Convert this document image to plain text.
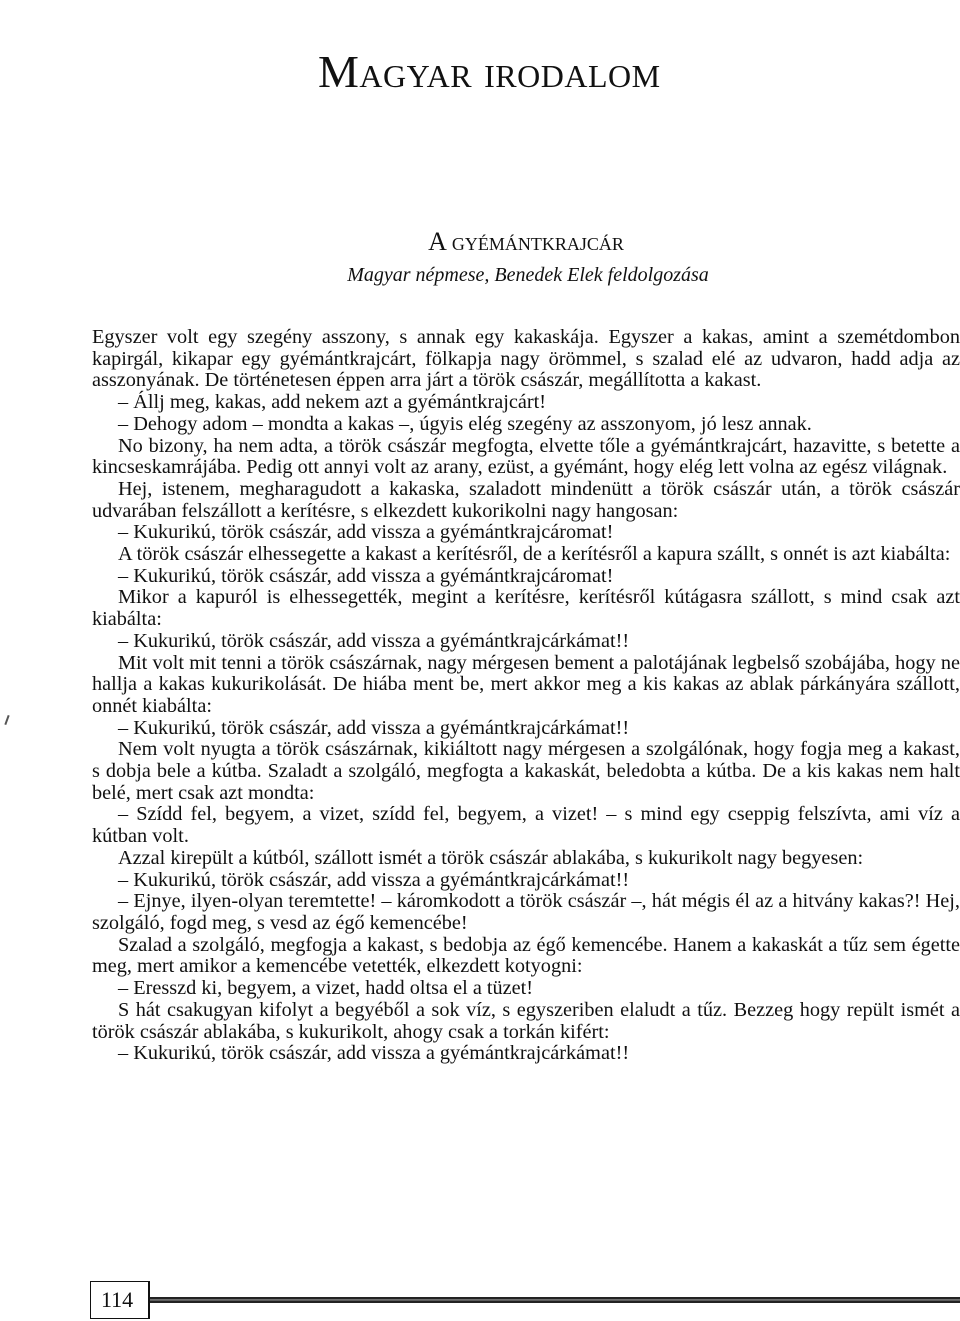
Magyar irodalom
A gyémántkrajcár
Magyar népmese, Benedek Elek feldolgozása

Egyszer volt egy szegény asszony, s annak egy kakaskája. Egyszer a kakas, amint a szemétdombon kapirgál, kikapar egy gyémántkrajcárt, fölkapja nagy örömmel, s szalad elé az udvaron, hadd adja az asszonyának. De történetesen éppen arra járt a török császár, megállította a kakast.

– Állj meg, kakas, add nekem azt a gyémántkrajcárt!

– Dehogy adom – mondta a kakas –, úgyis elég szegény az asszonyom, jó lesz annak.

No bizony, ha nem adta, a török császár megfogta, elvette tőle a gyémántkrajcárt, hazavitte, s betette a kincseskamrájába. Pedig ott annyi volt az arany, ezüst, a gyémánt, hogy elég lett volna az egész világnak.

Hej, istenem, megharagudott a kakaska, szaladott mindenütt a török császár után, a török császár udvarában felszállott a kerítésre, s elkezdett kukorikolni nagy hangosan:

– Kukurikú, török császár, add vissza a gyémántkrajcáromat!

A török császár elhessegette a kakast a kerítésről, de a kerítésről a kapura szállt, s onnét is azt kiabálta:

– Kukurikú, török császár, add vissza a gyémántkrajcáromat!

Mikor a kapuról is elhessegették, megint a kerítésre, kerítésről kútágasra szállott, s mind csak azt kiabálta:

– Kukurikú, török császár, add vissza a gyémántkrajcárkámat!!

Mit volt mit tenni a török császárnak, nagy mérgesen bement a palotájának legbelső szobájába, hogy ne hallja a kakas kukurikolását. De hiába ment be, mert akkor meg a kis kakas az ablak párkányára szállott, onnét kiabálta:

– Kukurikú, török császár, add vissza a gyémántkrajcárkámat!!

Nem volt nyugta a török császárnak, kikiáltott nagy mérgesen a szolgálónak, hogy fogja meg a kakast, s dobja bele a kútba. Szaladt a szolgáló, megfogta a kakaskát, beledobta a kútba. De a kis kakas nem halt belé, mert csak azt mondta:

– Szídd fel, begyem, a vizet, szídd fel, begyem, a vizet! – s mind egy cseppig felszívta, ami víz a kútban volt.

Azzal kirepült a kútból, szállott ismét a török császár ablakába, s kukurikolt nagy begyesen:

– Kukurikú, török császár, add vissza a gyémántkrajcárkámat!!

– Ejnye, ilyen-olyan teremtette! – káromkodott a török császár –, hát mégis él az a hitvány kakas?! Hej, szolgáló, fogd meg, s vesd az égő kemencébe!

Szalad a szolgáló, megfogja a kakast, s bedobja az égő kemencébe. Hanem a kakaskát a tűz sem égette meg, mert amikor a kemencébe vetették, elkezdett kotyogni:

– Eresszd ki, begyem, a vizet, hadd oltsa el a tüzet!

S hát csakugyan kifolyt a begyéből a sok víz, s egyszeriben elaludt a tűz. Bezzeg hogy repült ismét a török császár ablakába, s kukurikolt, ahogy csak a torkán kifért:

– Kukurikú, török császár, add vissza a gyémántkrajcárkámat!!

114
